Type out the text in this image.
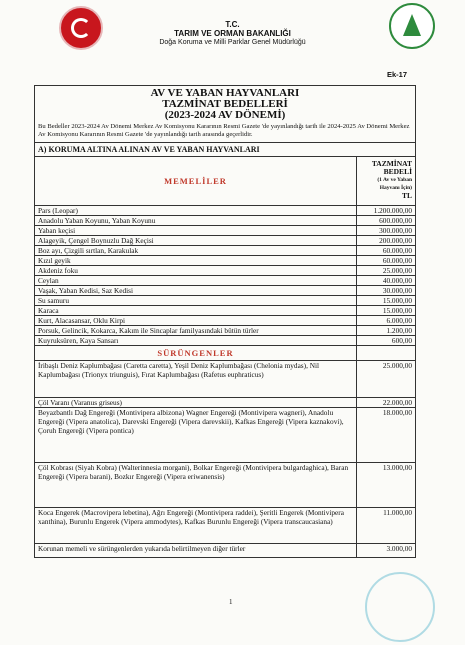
T.C.
TARIM VE ORMAN BAKANLIĞI
Doğa Koruma ve Milli Parklar Genel Müdürlüğü
Ek-17
AV VE YABAN HAYVANLARI
TAZMİNAT BEDELLERİ
(2023-2024 AV DÖNEMİ)
Bu Bedeller 2023-2024 Av Dönemi Merkez Av Komisyonu Kararının Resmi Gazete 'de yayınlandığı tarih ile 2024-2025 Av Dönemi Merkez Av Komisyonu Kararının Resmi Gazete 'de yayınlandığı tarih arasında geçerlidir.
A) KORUMA ALTINA ALINAN AV VE YABAN HAYVANLARI
MEMELİLER	TAZMİNAT
BEDELİ
(1 Av ve Yaban
Hayvanı İçin)
TL

Pars (Leopar)	1.200.000,00
Anadolu Yaban Koyunu, Yaban Koyunu	600.000,00
Yaban keçisi	300.000,00
Alageyik, Çengel Boynuzlu Dağ Keçisi	200.000,00
Boz ayı, Çizgili sırtlan, Karakulak	60.000,00
Kızıl geyik	60.000,00
Akdeniz foku	25.000,00
Ceylan	40.000,00
Vaşak, Yaban Kedisi, Saz Kedisi	30.000,00
Su samuru	15.000,00
Karaca	15.000,00
Kurt, Alacasansar, Oklu Kirpi	6.000,00
Porsuk, Gelincik, Kokarca, Kakım ile Sincaplar familyasındaki bütün türler	1.200,00
Kuyruksüren, Kaya Sansarı	600,00
SÜRÜNGENLER	
İribaşlı Deniz Kaplumbağası (Caretta caretta), Yeşil Deniz Kaplumbağası (Chelonia mydas), Nil Kaplumbağası (Trionyx triunguis), Fırat Kaplumbağası (Rafetus euphraticus)	25.000,00
Çöl Varanı (Varanus griseus)	22.000,00
Beyazbantlı Dağ Engereği (Montivipera albizona) Wagner Engereği (Montivipera wagneri), Anadolu Engereği (Vipera anatolica), Darevski Engereği (Vipera darevskii), Kafkas Engereği (Vipera kaznakovi), Çoruh Engereği (Vipera pontica)	18.000,00
Çöl Kobrası (Siyah Kobra) (Walterinnesia morgani), Bolkar Engereği (Montivipera bulgardaghica), Baran Engereği (Vipera barani), Bozkır Engereği (Vipera eriwanensis)	13.000,00
Koca Engerek (Macrovipera lebetina), Ağrı Engereği (Montivipera raddei), Şeritli Engerek (Montivipera xanthina), Burunlu Engerek (Vipera ammodytes), Kafkas Burunlu Engereği (Vipera transcaucasiana)	11.000,00
Korunan memeli ve sürüngenlerden yukarıda belirtilmeyen diğer türler	3.000,00
1
